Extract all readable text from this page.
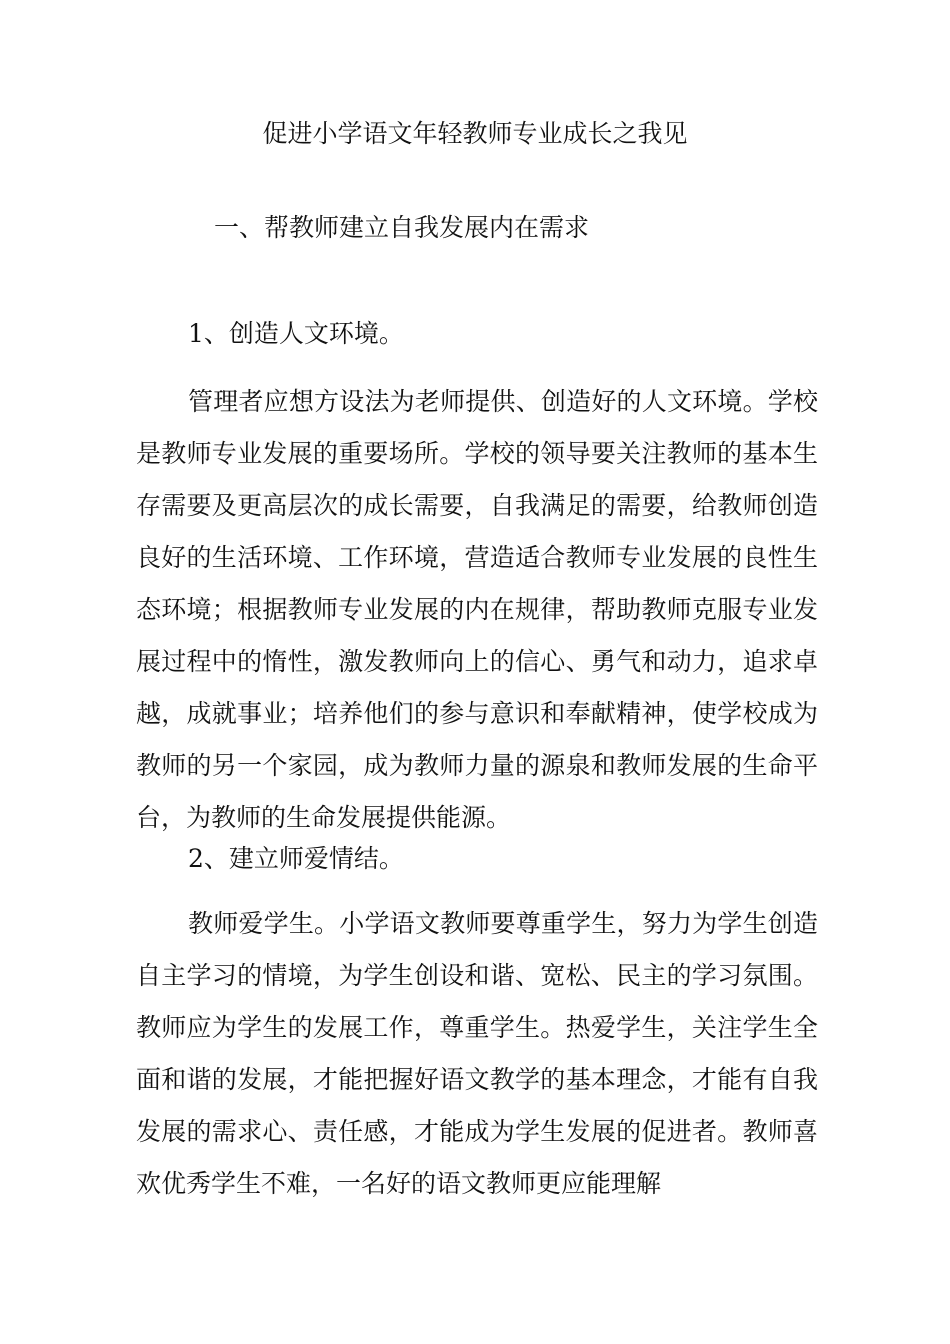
促进小学语文年轻教师专业成长之我见
一、帮教师建立自我发展内在需求
1、创造人文环境。

管理者应想方设法为老师提供、创造好的人文环境。学校是教师专业发展的重要场所。学校的领导要关注教师的基本生存需要及更高层次的成长需要，自我满足的需要，给教师创造良好的生活环境、工作环境，营造适合教师专业发展的良性生态环境；根据教师专业发展的内在规律，帮助教师克服专业发展过程中的惰性，激发教师向上的信心、勇气和动力，追求卓越，成就事业；培养他们的参与意识和奉献精神，使学校成为教师的另一个家园，成为教师力量的源泉和教师发展的生命平台，为教师的生命发展提供能源。

2、建立师爱情结。

教师爱学生。小学语文教师要尊重学生，努力为学生创造自主学习的情境，为学生创设和谐、宽松、民主的学习氛围。教师应为学生的发展工作，尊重学生。热爱学生，关注学生全面和谐的发展，才能把握好语文教学的基本理念，才能有自我发展的需求心、责任感，才能成为学生发展的促进者。教师喜欢优秀学生不难，一名好的语文教师更应能理解
